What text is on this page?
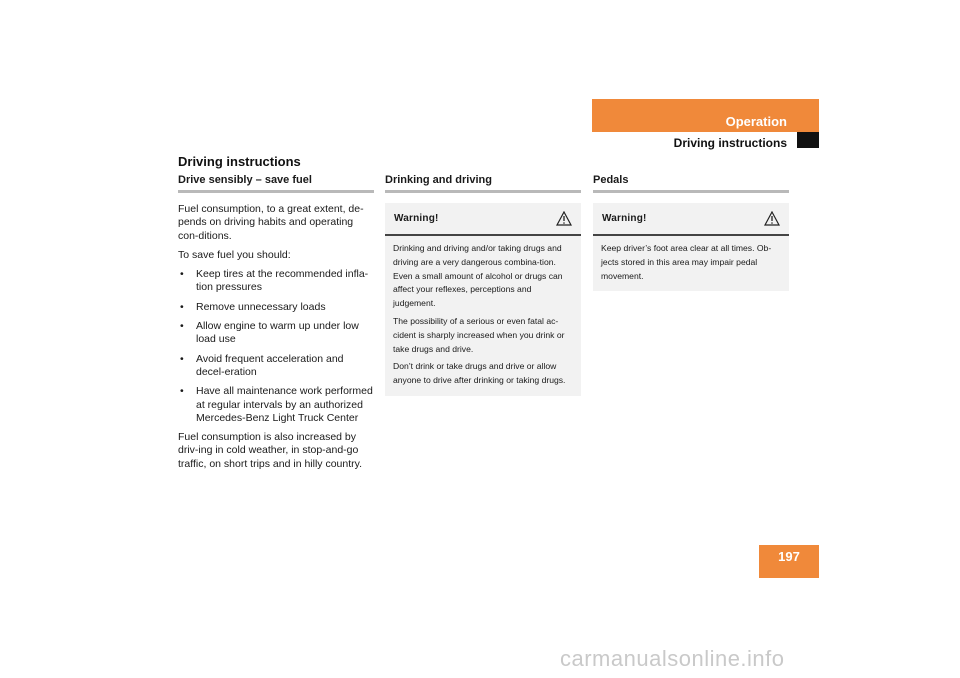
Operation
Driving instructions
Driving instructions
Drive sensibly – save fuel

Fuel consumption, to a great extent, de-pends on driving habits and operating con-ditions.

To save fuel you should:

• Keep tires at the recommended infla-tion pressures
• Remove unnecessary loads
• Allow engine to warm up under low load use
• Avoid frequent acceleration and decel-eration
• Have all maintenance work performed at regular intervals by an authorized Mercedes-Benz Light Truck Center

Fuel consumption is also increased by driv-ing in cold weather, in stop-and-go traffic, on short trips and in hilly country.

Drinking and driving
Warning!

Drinking and driving and/or taking drugs and driving are a very dangerous combina-tion. Even a small amount of alcohol or drugs can affect your reflexes, perceptions and judgement.

The possibility of a serious or even fatal ac-cident is sharply increased when you drink or take drugs and drive.

Don’t drink or take drugs and drive or allow anyone to drive after drinking or taking drugs.

Pedals
Warning!

Keep driver’s foot area clear at all times. Ob-jects stored in this area may impair pedal movement.

197
carmanualsonline.info
